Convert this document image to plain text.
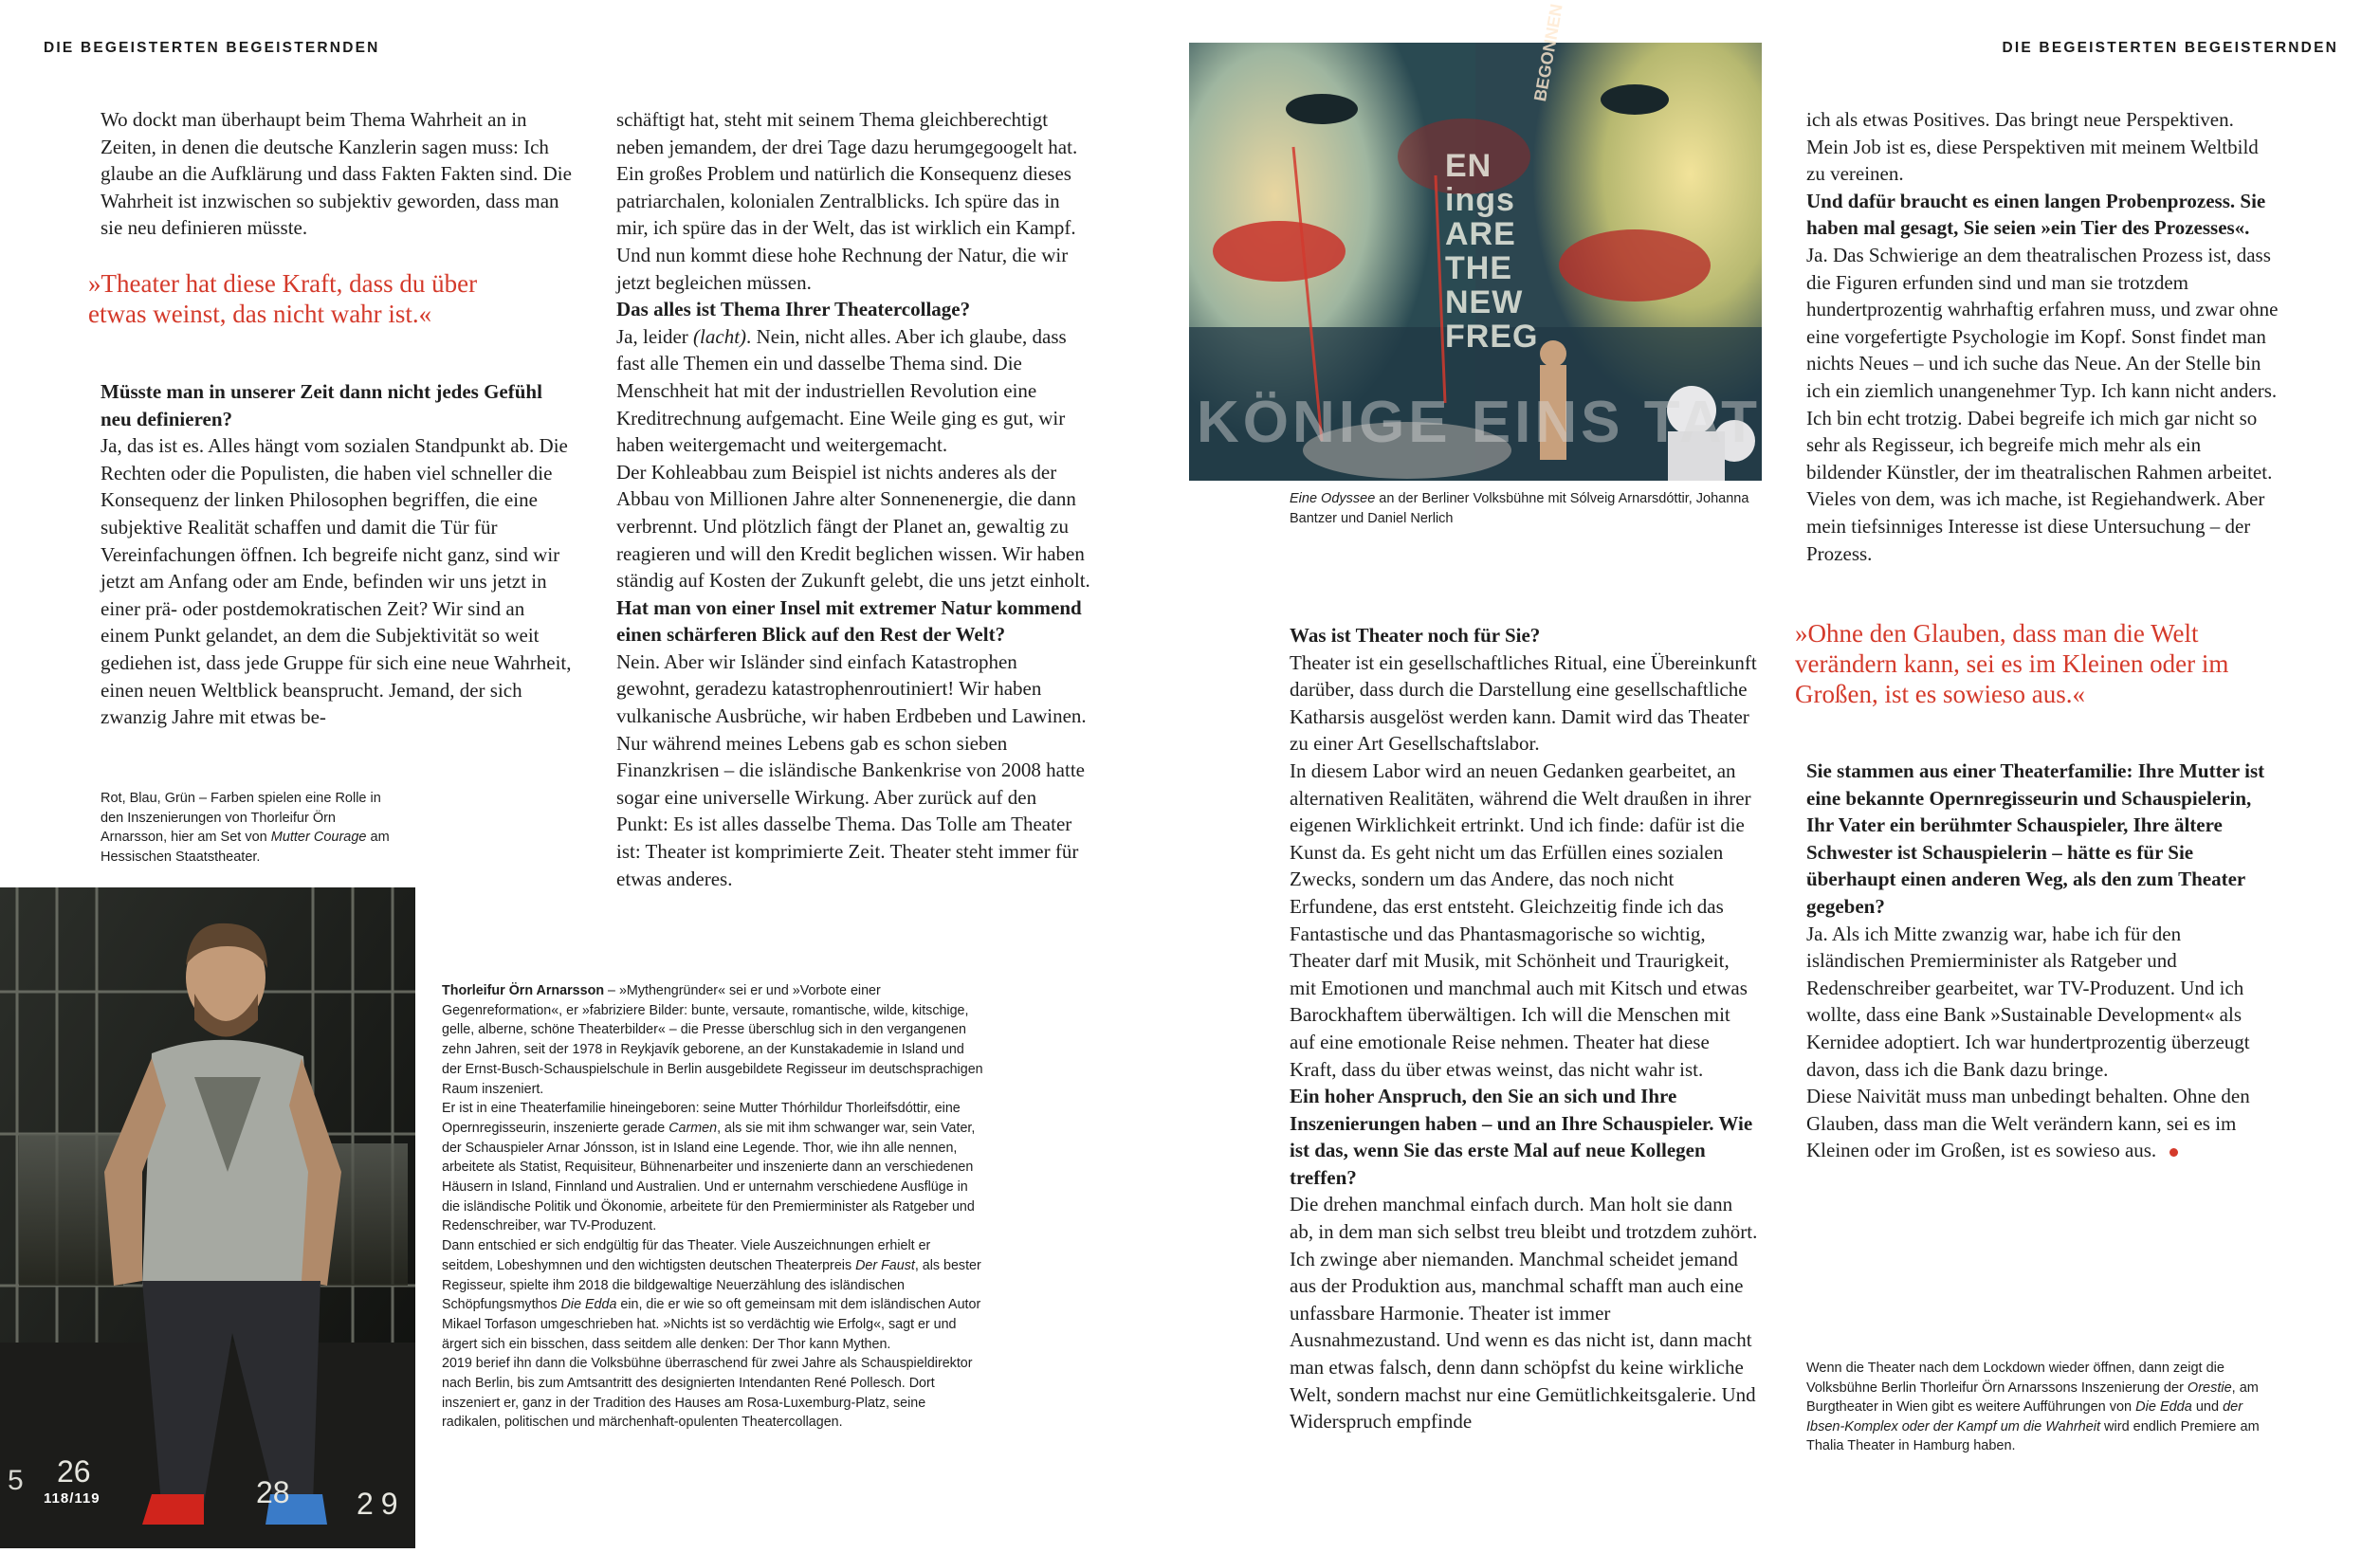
DIE BEGEISTERTEN BEGEISTERNDEN	DIE BEGEISTERTEN BEGEISTERNDEN

Wo dockt man überhaupt beim Thema Wahrheit an in Zeiten, in denen die deutsche Kanzlerin sagen muss: Ich glaube an die Aufklärung und dass Fakten Fakten sind. Die Wahrheit ist inzwischen so subjektiv geworden, dass man sie neu definieren müsste.

»Theater hat diese Kraft, dass du über etwas weinst, das nicht wahr ist.«

Müsste man in unserer Zeit dann nicht jedes Gefühl neu definieren?

Ja, das ist es. Alles hängt vom sozialen Standpunkt ab. Die Rechten oder die Populisten, die haben viel schneller die Konsequenz der linken Philosophen begriffen, die eine subjektive Realität schaffen und damit die Tür für Vereinfachungen öffnen. Ich begreife nicht ganz, sind wir jetzt am Anfang oder am Ende, befinden wir uns jetzt in einer prä- oder postdemokratischen Zeit? Wir sind an einem Punkt gelandet, an dem die Subjektivität so weit gediehen ist, dass jede Gruppe für sich eine neue Wahrheit, einen neuen Weltblick beansprucht. Jemand, der sich zwanzig Jahre mit etwas be-

Rot, Blau, Grün – Farben spielen eine Rolle in den Inszenierungen von Thorleifur Örn Arnarsson, hier am Set von Mutter Courage am Hessischen Staatstheater.
5 26
28 29
118/119

schäftigt hat, steht mit seinem Thema gleichberechtigt neben jemandem, der drei Tage dazu herumgegoogelt hat. Ein großes Problem und natürlich die Konsequenz dieses patriarchalen, kolonialen Zentralblicks. Ich spüre das in mir, ich spüre das in der Welt, das ist wirklich ein Kampf. Und nun kommt diese hohe Rechnung der Natur, die wir jetzt begleichen müssen.

Das alles ist Thema Ihrer Theatercollage?

Ja, leider (lacht). Nein, nicht alles. Aber ich glaube, dass fast alle Themen ein und dasselbe Thema sind. Die Menschheit hat mit der industriellen Revolution eine Kreditrechnung aufgemacht. Eine Weile ging es gut, wir haben weitergemacht und weitergemacht.

Der Kohleabbau zum Beispiel ist nichts anderes als der Abbau von Millionen Jahre alter Sonnenenergie, die dann verbrennt. Und plötzlich fängt der Planet an, gewaltig zu reagieren und will den Kredit beglichen wissen. Wir haben ständig auf Kosten der Zukunft gelebt, die uns jetzt einholt.

Hat man von einer Insel mit extremer Natur kommend einen schärferen Blick auf den Rest der Welt?

Nein. Aber wir Isländer sind einfach Katastrophen gewohnt, geradezu katastrophenroutiniert! Wir haben vulkanische Ausbrüche, wir haben Erdbeben und Lawinen. Nur während meines Lebens gab es schon sieben Finanzkrisen – die isländische Bankenkrise von 2008 hatte sogar eine universelle Wirkung. Aber zurück auf den Punkt: Es ist alles dasselbe Thema. Das Tolle am Theater ist: Theater ist komprimierte Zeit. Theater steht immer für etwas anderes.

Thorleifur Örn Arnarsson – »Mythengründer« sei er und »Vorbote einer Gegenreformation«, er »fabriziere Bilder: bunte, versaute, romantische, wilde, kitschige, gelle, alberne, schöne Theaterbilder« – die Presse überschlug sich in den vergangenen zehn Jahren, seit der 1978 in Reykjavík geborene, an der Kunstakademie in Island und der Ernst-Busch-Schauspielschule in Berlin ausgebildete Regisseur im deutschsprachigen Raum inszeniert.

Er ist in eine Theaterfamilie hineingeboren: seine Mutter Thórhildur Thorleifsdóttir, eine Opernregisseurin, inszenierte gerade Carmen, als sie mit ihm schwanger war, sein Vater, der Schauspieler Arnar Jónsson, ist in Island eine Legende. Thor, wie ihn alle nennen, arbeitete als Statist, Requisiteur, Bühnenarbeiter und inszenierte dann an verschiedenen Häusern in Island, Finnland und Australien. Und er unternahm verschiedene Ausflüge in die isländische Politik und Ökonomie, arbeitete für den Premierminister als Ratgeber und Redenschreiber, war TV-Produzent.

Dann entschied er sich endgültig für das Theater. Viele Auszeichnungen erhielt er seitdem, Lobeshymnen und den wichtigsten deutschen Theaterpreis Der Faust, als bester Regisseur, spielte ihm 2018 die bildgewaltige Neuerzählung des isländischen Schöpfungsmythos Die Edda ein, die er wie so oft gemeinsam mit dem isländischen Autor Mikael Torfason umgeschrieben hat. »Nichts ist so verdächtig wie Erfolg«, sagt er und ärgert sich ein bisschen, dass seitdem alle denken: Der Thor kann Mythen.

2019 berief ihn dann die Volksbühne überraschend für zwei Jahre als Schauspieldirektor nach Berlin, bis zum Amtsantritt des designierten Intendanten René Pollesch. Dort inszeniert er, ganz in der Tradition des Hauses am Rosa-Luxemburg-Platz, seine radikalen, politischen und märchenhaft-opulenten Theatercollagen.

EN
ings
ARE
THE
NEW
FREG
BEGONNEN
KÖNIGE EINS TAT
Eine Odyssee an der Berliner Volksbühne mit Sólveig Arnarsdóttir, Johanna Bantzer und Daniel Nerlich

Was ist Theater noch für Sie?

Theater ist ein gesellschaftliches Ritual, eine Übereinkunft darüber, dass durch die Darstellung eine gesellschaftliche Katharsis ausgelöst werden kann. Damit wird das Theater zu einer Art Gesellschaftslabor.

In diesem Labor wird an neuen Gedanken gearbeitet, an alternativen Realitäten, während die Welt draußen in ihrer eigenen Wirklichkeit ertrinkt. Und ich finde: dafür ist die Kunst da. Es geht nicht um das Erfüllen eines sozialen Zwecks, sondern um das Andere, das noch nicht Erfundene, das erst entsteht. Gleichzeitig finde ich das Fantastische und das Phantasmagorische so wichtig, Theater darf mit Musik, mit Schönheit und Traurigkeit, mit Emotionen und manchmal auch mit Kitsch und etwas Barockhaftem überwältigen. Ich will die Menschen mit auf eine emotionale Reise nehmen. Theater hat diese Kraft, dass du über etwas weinst, das nicht wahr ist.

Ein hoher Anspruch, den Sie an sich und Ihre Inszenierungen haben – und an Ihre Schauspieler. Wie ist das, wenn Sie das erste Mal auf neue Kollegen treffen?

Die drehen manchmal einfach durch. Man holt sie dann ab, in dem man sich selbst treu bleibt und trotzdem zuhört. Ich zwinge aber niemanden. Manchmal scheidet jemand aus der Produktion aus, manchmal schafft man auch eine unfassbare Harmonie. Theater ist immer Ausnahmezustand. Und wenn es das nicht ist, dann macht man etwas falsch, denn dann schöpfst du keine wirkliche Welt, sondern machst nur eine Gemütlichkeitsgalerie. Und Widerspruch empfinde

ich als etwas Positives. Das bringt neue Perspektiven. Mein Job ist es, diese Perspektiven mit meinem Weltbild zu vereinen.

Und dafür braucht es einen langen Probenprozess. Sie haben mal gesagt, Sie seien »ein Tier des Prozesses«.

Ja. Das Schwierige an dem theatralischen Prozess ist, dass die Figuren erfunden sind und man sie trotzdem hundertprozentig wahrhaftig erfahren muss, und zwar ohne eine vorgefertigte Psychologie im Kopf. Sonst findet man nichts Neues – und ich suche das Neue. An der Stelle bin ich ein ziemlich unangenehmer Typ. Ich kann nicht anders. Ich bin echt trotzig. Dabei begreife ich mich gar nicht so sehr als Regisseur, ich begreife mich mehr als ein bildender Künstler, der im theatralischen Rahmen arbeitet. Vieles von dem, was ich mache, ist Regiehandwerk. Aber mein tiefsinniges Interesse ist diese Untersuchung – der Prozess.

»Ohne den Glauben, dass man die Welt verändern kann, sei es im Kleinen oder im Großen, ist es sowieso aus.«

Sie stammen aus einer Theaterfamilie: Ihre Mutter ist eine bekannte Opernregisseurin und Schauspielerin, Ihr Vater ein berühmter Schauspieler, Ihre ältere Schwester ist Schauspielerin – hätte es für Sie überhaupt einen anderen Weg, als den zum Theater gegeben?

Ja. Als ich Mitte zwanzig war, habe ich für den isländischen Premierminister als Ratgeber und Redenschreiber gearbeitet, war TV-Produzent. Und ich wollte, dass eine Bank »Sustainable Development« als Kernidee adoptiert. Ich war hundertprozentig überzeugt davon, dass ich die Bank dazu bringe.

Diese Naivität muss man unbedingt behalten. Ohne den Glauben, dass man die Welt verändern kann, sei es im Kleinen oder im Großen, ist es sowieso aus.

Wenn die Theater nach dem Lockdown wieder öffnen, dann zeigt die Volksbühne Berlin Thorleifur Örn Arnarssons Inszenierung der Orestie, am Burgtheater in Wien gibt es weitere Aufführungen von Die Edda und der Ibsen-Komplex oder der Kampf um die Wahrheit wird endlich Premiere am Thalia Theater in Hamburg haben.
